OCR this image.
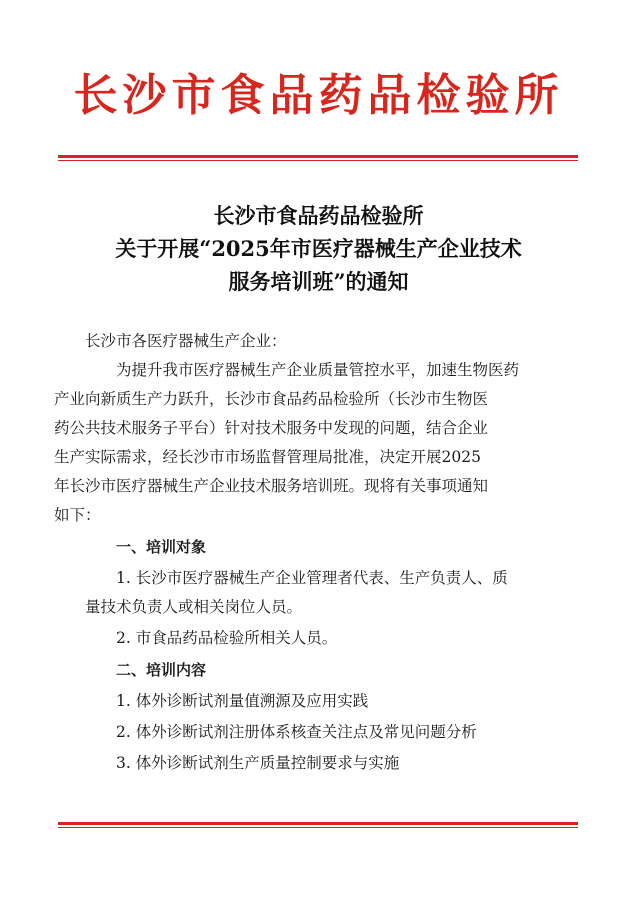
长沙市食品药品检验所
长沙市食品药品检验所
关于开展“2025年市医疗器械生产企业技术
服务培训班”的通知

长沙市各医疗器械生产企业：

为提升我市医疗器械生产企业质量管控水平，加速生物医药
产业向新质生产力跃升，长沙市食品药品检验所（长沙市生物医
药公共技术服务子平台）针对技术服务中发现的问题，结合企业
生产实际需求，经长沙市市场监督管理局批准，决定开展2025
年长沙市医疗器械生产企业技术服务培训班。现将有关事项通知
如下：

一、培训对象

1. 长沙市医疗器械生产企业管理者代表、生产负责人、质
量技术负责人或相关岗位人员。

2. 市食品药品检验所相关人员。

二、培训内容

1. 体外诊断试剂量值溯源及应用实践

2. 体外诊断试剂注册体系核查关注点及常见问题分析

3. 体外诊断试剂生产质量控制要求与实施
